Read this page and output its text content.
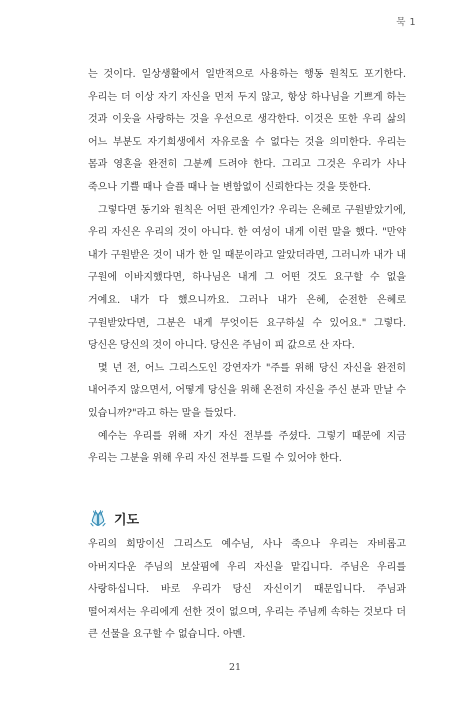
묵 1

는 것이다. 일상생활에서 일반적으로 사용하는 행동 원칙도 포기한다. 우리는 더 이상 자기 자신을 먼저 두지 않고, 항상 하나님을 기쁘게 하는 것과 이웃을 사랑하는 것을 우선으로 생각한다. 이것은 또한 우리 삶의 어느 부분도 자기희생에서 자유로울 수 없다는 것을 의미한다. 우리는 몸과 영혼을 완전히 그분께 드려야 한다. 그리고 그것은 우리가 사나 죽으나 기쁠 때나 슬플 때나 늘 변함없이 신뢰한다는 것을 뜻한다.

그렇다면 동기와 원칙은 어떤 관계인가? 우리는 은혜로 구원받았기에, 우리 자신은 우리의 것이 아니다. 한 여성이 내게 이런 말을 했다. "만약 내가 구원받은 것이 내가 한 일 때문이라고 알았더라면, 그러니까 내가 내 구원에 이바지했다면, 하나님은 내게 그 어떤 것도 요구할 수 없을 거예요. 내가 다 했으니까요. 그러나 내가 은혜, 순전한 은혜로 구원받았다면, 그분은 내게 무엇이든 요구하실 수 있어요." 그렇다. 당신은 당신의 것이 아니다. 당신은 주님이 피 값으로 산 자다.

몇 년 전, 어느 그리스도인 강연자가 "주를 위해 당신 자신을 완전히 내어주지 않으면서, 어떻게 당신을 위해 온전히 자신을 주신 분과 만날 수 있습니까?"라고 하는 말을 들었다.

예수는 우리를 위해 자기 자신 전부를 주셨다. 그렇기 때문에 지금 우리는 그분을 위해 우리 자신 전부를 드릴 수 있어야 한다.

기도

우리의 희망이신 그리스도 예수님, 사나 죽으나 우리는 자비롭고 아버지다운 주님의 보살핌에 우리 자신을 맡깁니다. 주님은 우리를 사랑하십니다. 바로 우리가 당신 자신이기 때문입니다. 주님과 떨어져서는 우리에게 선한 것이 없으며, 우리는 주님께 속하는 것보다 더 큰 선물을 요구할 수 없습니다. 아멘.

21
